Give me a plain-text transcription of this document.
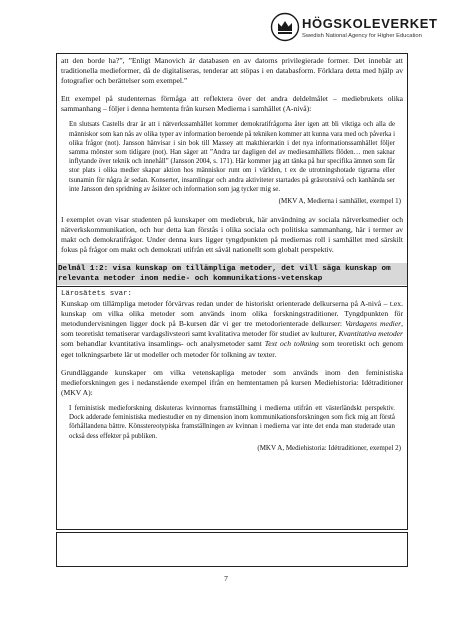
HÖGSKOLEVERKET
Swedish National Agency for Higher Education

att den borde ha?”, ”Enligt Manovich är databasen en av datorns privilegierade former. Det innebär att traditionella medieformer, då de digitaliseras, tenderar att stöpas i en databasform. Förklara detta med hjälp av fotografier och berättelser som exempel.”

Ett exempel på studenternas förmåga att reflektera över det andra deldelmålet – mediebrukets olika sammanhang – följer i denna hemtenta från kursen Medierna i samhället (A-nivå):

En slutsats Castells drar är att i nätverkssamhället kommer demokratifrågorna åter igen att bli viktiga och alla de människor som kan nås av olika typer av information beroende på tekniken kommer att kunna vara med och påverka i olika frågor (not). Jansson hänvisar i sin bok till Massey att makthierarkin i det nya informationssamhället följer samma mönster som tidigare (not). Han säger att ”Andra tar dagligen del av mediesamhällets flöden… men saknar inflytande över teknik och innehåll” (Jansson 2004, s. 171). Här kommer jag att tänka på hur specifika ämnen som får stor plats i olika medier skapar aktion hos människor runt om i världen, t ex de utrotningshotade tigrarna eller tsunamin för några år sedan. Konserter, insamlingar och andra aktiviteter startades på gräsrotsnivå och kanhända ser inte Jansson den spridning av åsikter och information som jag tycker mig se.
(MKV A, Medierna i samhället, exempel 1)

I exemplet ovan visar studenten på kunskaper om mediebruk, här användning av sociala nätverksmedier och nätverkskommunikation, och hur detta kan förstås i olika sociala och politiska sammanhang, här i termer av makt och demokratifrågor. Under denna kurs ligger tyngdpunkten på mediernas roll i samhället med särskilt fokus på frågor om makt och demokrati utifrån ett såväl nationellt som globalt perspektiv.

Delmål 1:2: visa kunskap om tillämpliga metoder, det vill säga kunskap om relevanta metoder inom medie- och kommunikations-vetenskap
Lärosätets svar:

Kunskap om tillämpliga metoder förvärvas redan under de historiskt orienterade delkurserna på A-nivå – t.ex. kunskap om vilka olika metoder som används inom olika forskningstraditioner. Tyngdpunkten för metodundervisningen ligger dock på B-kursen där vi ger tre metodorienterade delkurser: Vardagens medier, som teoretiskt tematiserar vardagslivsteori samt kvalitativa metoder för studiet av kulturer, Kvantitativa metoder som behandlar kvantitativa insamlings- och analysmetoder samt Text och tolkning som teoretiskt och genom eget tolkningsarbete lär ut modeller och metoder för tolkning av texter.

Grundläggande kunskaper om vilka vetenskapliga metoder som används inom den feministiska medieforskningen ges i nedanstående exempel ifrån en hemtentamen på kursen Mediehistoria: Idétraditioner (MKV A):

I feministisk medieforskning diskuteras kvinnornas framställning i medierna utifrån ett västerländskt perspektiv. Dock adderade feministiska mediestudier en ny dimension inom kommunikationsforskningen som fick mig att förstå förhållandena bättre. Könsstereotypiska framställningen av kvinnan i medierna var inte det enda man studerade utan också dess effekter på publiken.
(MKV A, Mediehistoria: Idétraditioner, exempel 2)
7
